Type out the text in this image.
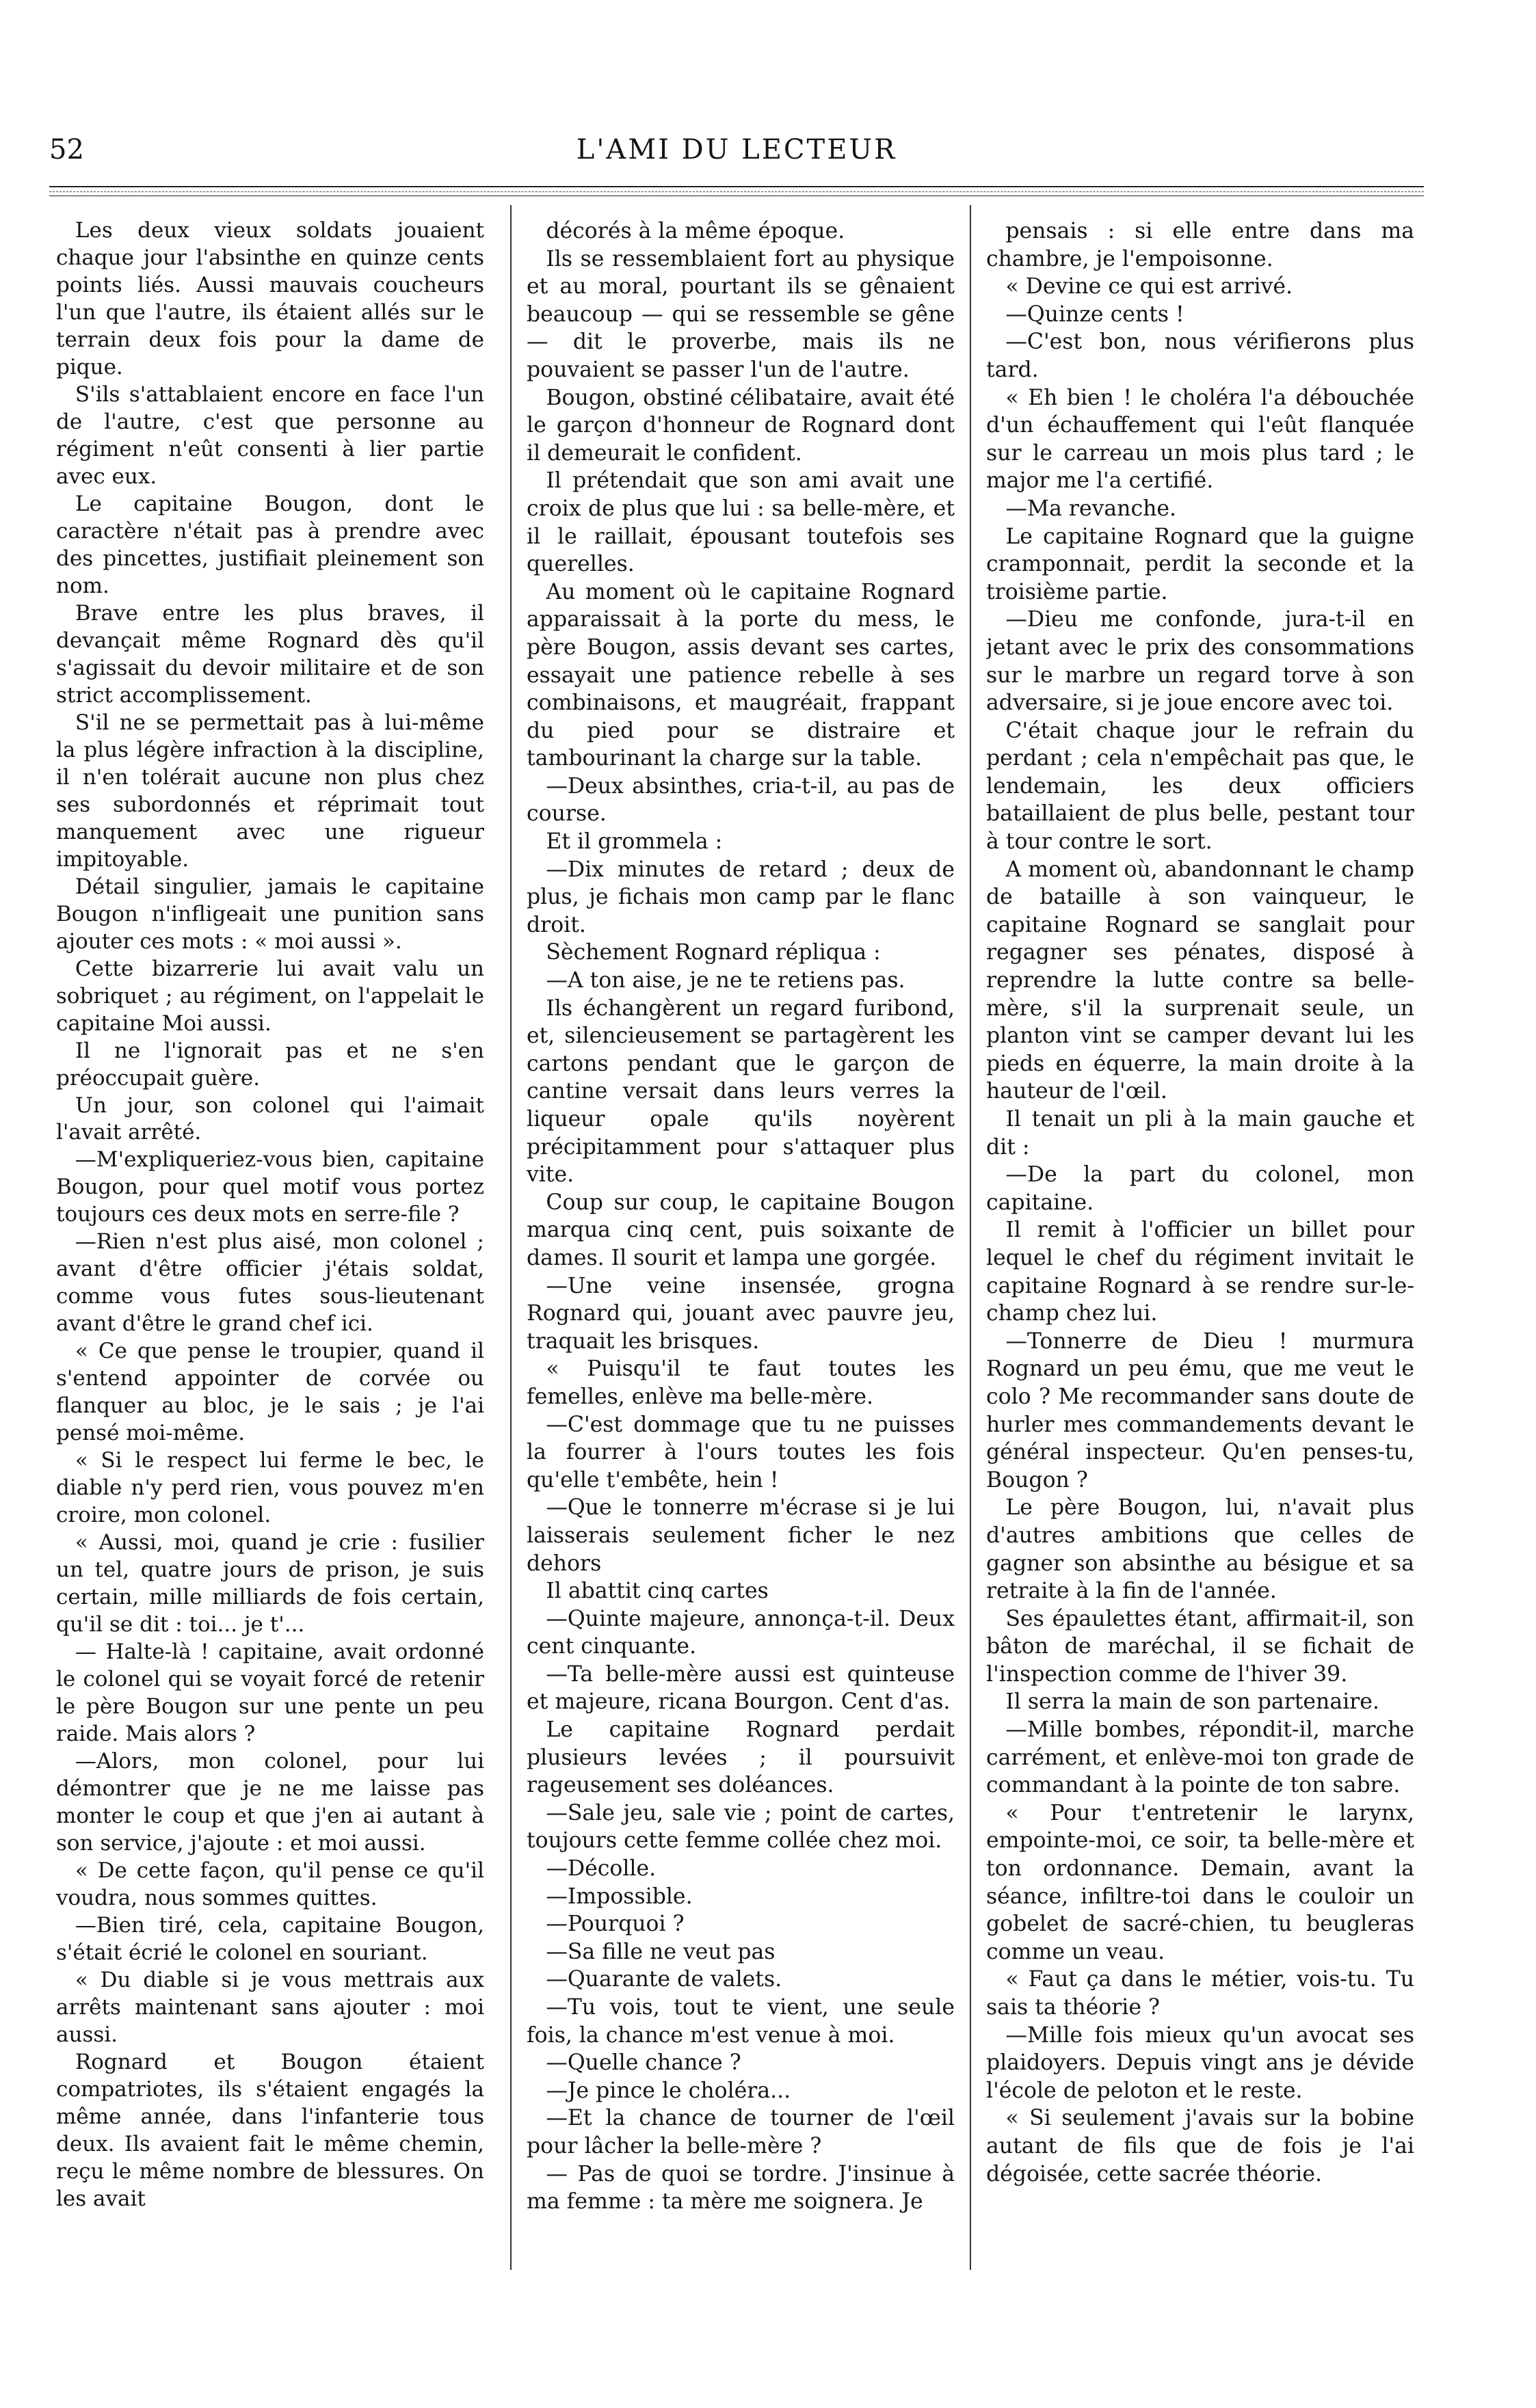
52	L'AMI DU LECTEUR

Les deux vieux soldats jouaient chaque jour l'absinthe en quinze cents points liés. Aussi mauvais coucheurs l'un que l'autre, ils étaient allés sur le terrain deux fois pour la dame de pique.

S'ils s'attablaient encore en face l'un de l'autre, c'est que personne au régiment n'eût consenti à lier partie avec eux.

Le capitaine Bougon, dont le caractère n'était pas à prendre avec des pincettes, justifiait pleinement son nom.

Brave entre les plus braves, il devançait même Rognard dès qu'il s'agissait du devoir militaire et de son strict accomplissement.

S'il ne se permettait pas à lui-même la plus légère infraction à la discipline, il n'en tolérait aucune non plus chez ses subordonnés et réprimait tout manquement avec une rigueur impitoyable.

Détail singulier, jamais le capitaine Bougon n'infligeait une punition sans ajouter ces mots : « moi aussi ».

Cette bizarrerie lui avait valu un sobriquet ; au régiment, on l'appelait le capitaine Moi aussi.

Il ne l'ignorait pas et ne s'en préoccupait guère.

Un jour, son colonel qui l'aimait l'avait arrêté.

—M'expliqueriez-vous bien, capitaine Bougon, pour quel motif vous portez toujours ces deux mots en serre-file ?

—Rien n'est plus aisé, mon colonel ; avant d'être officier j'étais soldat, comme vous futes sous-lieutenant avant d'être le grand chef ici.

« Ce que pense le troupier, quand il s'entend appointer de corvée ou flanquer au bloc, je le sais ; je l'ai pensé moi-même.

« Si le respect lui ferme le bec, le diable n'y perd rien, vous pouvez m'en croire, mon colonel.

« Aussi, moi, quand je crie : fusilier un tel, quatre jours de prison, je suis certain, mille milliards de fois certain, qu'il se dit : toi... je t'...

— Halte-là ! capitaine, avait ordonné le colonel qui se voyait forcé de retenir le père Bougon sur une pente un peu raide. Mais alors ?

—Alors, mon colonel, pour lui démontrer que je ne me laisse pas monter le coup et que j'en ai autant à son service, j'ajoute : et moi aussi.

« De cette façon, qu'il pense ce qu'il voudra, nous sommes quittes.

—Bien tiré, cela, capitaine Bougon, s'était écrié le colonel en souriant.

« Du diable si je vous mettrais aux arrêts maintenant sans ajouter : moi aussi.

Rognard et Bougon étaient compatriotes, ils s'étaient engagés la même année, dans l'infanterie tous deux. Ils avaient fait le même chemin, reçu le même nombre de blessures. On les avait

décorés à la même époque.

Ils se ressemblaient fort au physique et au moral, pourtant ils se gênaient beaucoup — qui se ressemble se gêne — dit le proverbe, mais ils ne pouvaient se passer l'un de l'autre.

Bougon, obstiné célibataire, avait été le garçon d'honneur de Rognard dont il demeurait le confident.

Il prétendait que son ami avait une croix de plus que lui : sa belle-mère, et il le raillait, épousant toutefois ses querelles.

Au moment où le capitaine Rognard apparaissait à la porte du mess, le père Bougon, assis devant ses cartes, essayait une patience rebelle à ses combinaisons, et maugréait, frappant du pied pour se distraire et tambourinant la charge sur la table.

—Deux absinthes, cria-t-il, au pas de course.

Et il grommela :

—Dix minutes de retard ; deux de plus, je fichais mon camp par le flanc droit.

Sèchement Rognard répliqua :

—A ton aise, je ne te retiens pas.

Ils échangèrent un regard furibond, et, silencieusement se partagèrent les cartons pendant que le garçon de cantine versait dans leurs verres la liqueur opale qu'ils noyèrent précipitamment pour s'attaquer plus vite.

Coup sur coup, le capitaine Bougon marqua cinq cent, puis soixante de dames. Il sourit et lampa une gorgée.

—Une veine insensée, grogna Rognard qui, jouant avec pauvre jeu, traquait les brisques.

« Puisqu'il te faut toutes les femelles, enlève ma belle-mère.

—C'est dommage que tu ne puisses la fourrer à l'ours toutes les fois qu'elle t'embête, hein !

—Que le tonnerre m'écrase si je lui laisserais seulement ficher le nez dehors

Il abattit cinq cartes

—Quinte majeure, annonça-t-il. Deux cent cinquante.

—Ta belle-mère aussi est quinteuse et majeure, ricana Bourgon. Cent d'as.

Le capitaine Rognard perdait plusieurs levées ; il poursuivit rageusement ses doléances.

—Sale jeu, sale vie ; point de cartes, toujours cette femme collée chez moi.

—Décolle.

—Impossible.

—Pourquoi ?

—Sa fille ne veut pas

—Quarante de valets.

—Tu vois, tout te vient, une seule fois, la chance m'est venue à moi.

—Quelle chance ?

—Je pince le choléra...

—Et la chance de tourner de l'œil pour lâcher la belle-mère ?

— Pas de quoi se tordre. J'insinue à ma femme : ta mère me soignera. Je

pensais : si elle entre dans ma chambre, je l'empoisonne.

« Devine ce qui est arrivé.

—Quinze cents !

—C'est bon, nous vérifierons plus tard.

« Eh bien ! le choléra l'a débouchée d'un échauffement qui l'eût flanquée sur le carreau un mois plus tard ; le major me l'a certifié.

—Ma revanche.

Le capitaine Rognard que la guigne cramponnait, perdit la seconde et la troisième partie.

—Dieu me confonde, jura-t-il en jetant avec le prix des consommations sur le marbre un regard torve à son adversaire, si je joue encore avec toi.

C'était chaque jour le refrain du perdant ; cela n'empêchait pas que, le lendemain, les deux officiers bataillaient de plus belle, pestant tour à tour contre le sort.

A moment où, abandonnant le champ de bataille à son vainqueur, le capitaine Rognard se sanglait pour regagner ses pénates, disposé à reprendre la lutte contre sa belle-mère, s'il la surprenait seule, un planton vint se camper devant lui les pieds en équerre, la main droite à la hauteur de l'œil.

Il tenait un pli à la main gauche et dit :

—De la part du colonel, mon capitaine.

Il remit à l'officier un billet pour lequel le chef du régiment invitait le capitaine Rognard à se rendre sur-le-champ chez lui.

—Tonnerre de Dieu ! murmura Rognard un peu ému, que me veut le colo ? Me recommander sans doute de hurler mes commandements devant le général inspecteur. Qu'en penses-tu, Bougon ?

Le père Bougon, lui, n'avait plus d'autres ambitions que celles de gagner son absinthe au bésigue et sa retraite à la fin de l'année.

Ses épaulettes étant, affirmait-il, son bâton de maréchal, il se fichait de l'inspection comme de l'hiver 39.

Il serra la main de son partenaire.

—Mille bombes, répondit-il, marche carrément, et enlève-moi ton grade de commandant à la pointe de ton sabre.

« Pour t'entretenir le larynx, empointe-moi, ce soir, ta belle-mère et ton ordonnance. Demain, avant la séance, infiltre-toi dans le couloir un gobelet de sacré-chien, tu beugleras comme un veau.

« Faut ça dans le métier, vois-tu. Tu sais ta théorie ?

—Mille fois mieux qu'un avocat ses plaidoyers. Depuis vingt ans je dévide l'école de peloton et le reste.

« Si seulement j'avais sur la bobine autant de fils que de fois je l'ai dégoisée, cette sacrée théorie.
